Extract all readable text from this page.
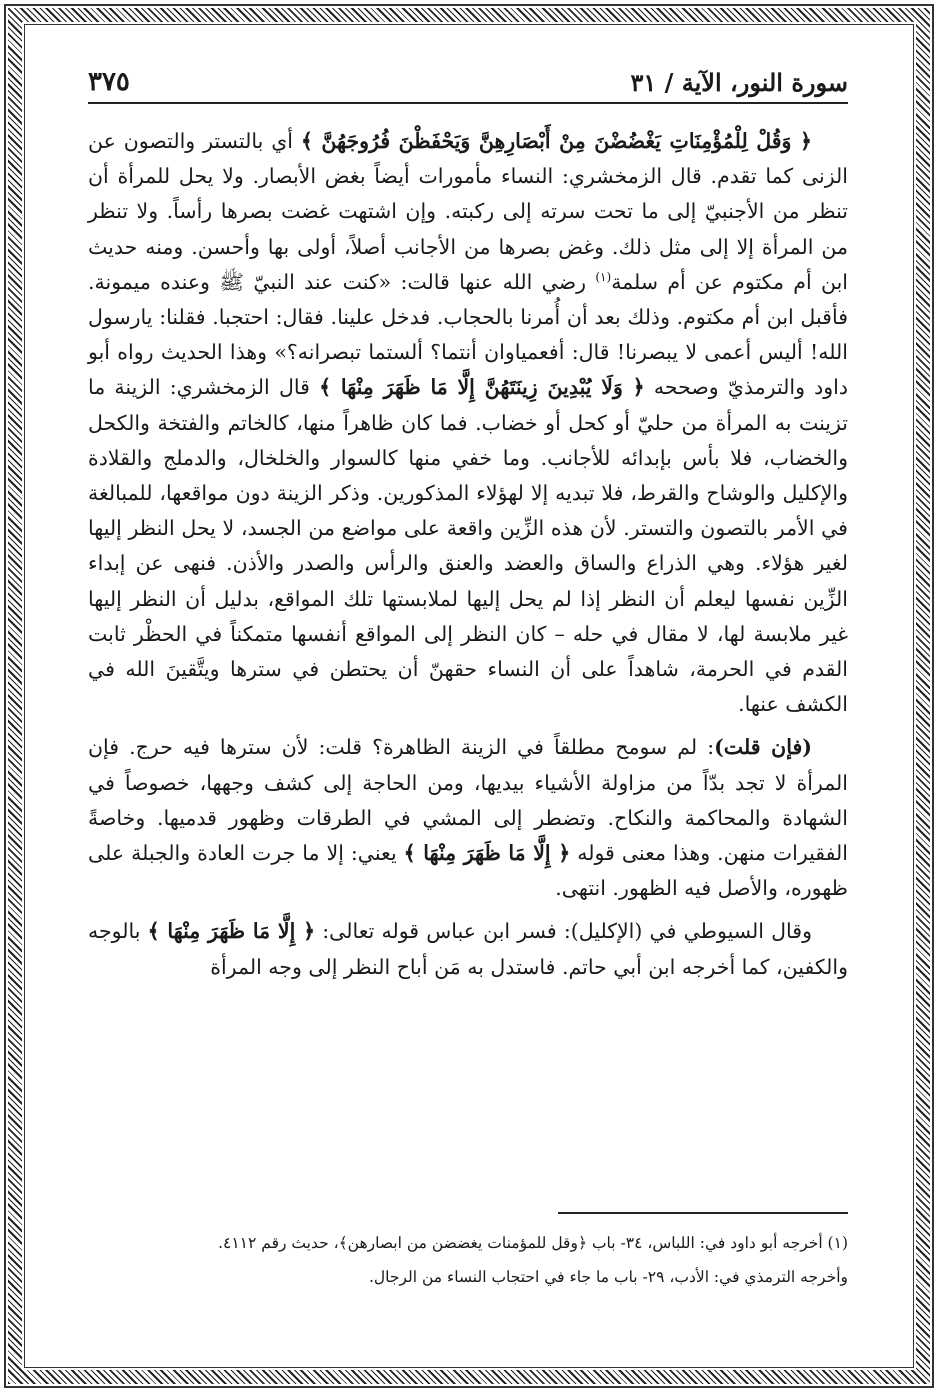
سورة النور، الآية / ٣١
٣٧٥

﴿ وَقُلْ لِلْمُؤْمِنَاتِ يَغْضُضْنَ مِنْ أَبْصَارِهِنَّ وَيَحْفَظْنَ فُرُوجَهُنَّ ﴾ أي بالتستر والتصون عن الزنى كما تقدم. قال الزمخشري: النساء مأمورات أيضاً بغض الأبصار. ولا يحل للمرأة أن تنظر من الأجنبيّ إلى ما تحت سرته إلى ركبته. وإن اشتهت غضت بصرها رأساً. ولا تنظر من المرأة إلا إلى مثل ذلك. وغض بصرها من الأجانب أصلاً، أولى بها وأحسن. ومنه حديث ابن أم مكتوم عن أم سلمة$^{(١)}$ رضي الله عنها قالت: «كنت عند النبيّ ﷺ وعنده ميمونة. فأقبل ابن أم مكتوم. وذلك بعد أن أُمرنا بالحجاب. فدخل علينا. فقال: احتجبا. فقلنا: يارسول الله! أليس أعمى لا يبصرنا! قال: أفعمياوان أنتما؟ ألستما تبصرانه؟» وهذا الحديث رواه أبو داود والترمذيّ وصححه ﴿ وَلَا يُبْدِينَ زِينَتَهُنَّ إِلَّا مَا ظَهَرَ مِنْهَا ﴾ قال الزمخشري: الزينة ما تزينت به المرأة من حليّ أو كحل أو خضاب. فما كان ظاهراً منها، كالخاتم والفتخة والكحل والخضاب، فلا بأس بإبدائه للأجانب. وما خفي منها كالسوار والخلخال، والدملج والقلادة والإكليل والوشاح والقرط، فلا تبديه إلا لهؤلاء المذكورين. وذكر الزينة دون مواقعها، للمبالغة في الأمر بالتصون والتستر. لأن هذه الزِّين واقعة على مواضع من الجسد، لا يحل النظر إليها لغير هؤلاء. وهي الذراع والساق والعضد والعنق والرأس والصدر والأذن. فنهى عن إبداء الزِّين نفسها ليعلم أن النظر إذا لم يحل إليها لملابستها تلك المواقع، بدليل أن النظر إليها غير ملابسة لها، لا مقال في حله – كان النظر إلى المواقع أنفسها متمكناً في الحظْر ثابت القدم في الحرمة، شاهداً على أن النساء حقهنّ أن يحتطن في سترها ويتَّقينَ الله في الكشف عنها.

(فإن قلت): لم سومح مطلقاً في الزينة الظاهرة؟ قلت: لأن سترها فيه حرج. فإن المرأة لا تجد بدّاً من مزاولة الأشياء بيديها، ومن الحاجة إلى كشف وجهها، خصوصاً في الشهادة والمحاكمة والنكاح. وتضطر إلى المشي في الطرقات وظهور قدميها. وخاصةً الفقيرات منهن. وهذا معنى قوله ﴿ إِلَّا مَا ظَهَرَ مِنْهَا ﴾ يعني: إلا ما جرت العادة والجبلة على ظهوره، والأصل فيه الظهور. انتهى.

وقال السيوطي في (الإكليل): فسر ابن عباس قوله تعالى: ﴿ إِلَّا مَا ظَهَرَ مِنْهَا ﴾ بالوجه والكفين، كما أخرجه ابن أبي حاتم. فاستدل به مَن أباح النظر إلى وجه المرأة

(١) أخرجه أبو داود في: اللباس، ٣٤- باب ﴿وقل للمؤمنات يغضضن من ابصارهن﴾، حديث رقم ٤١١٢.

وأخرجه الترمذي في: الأدب، ٢٩- باب ما جاء في احتجاب النساء من الرجال.
